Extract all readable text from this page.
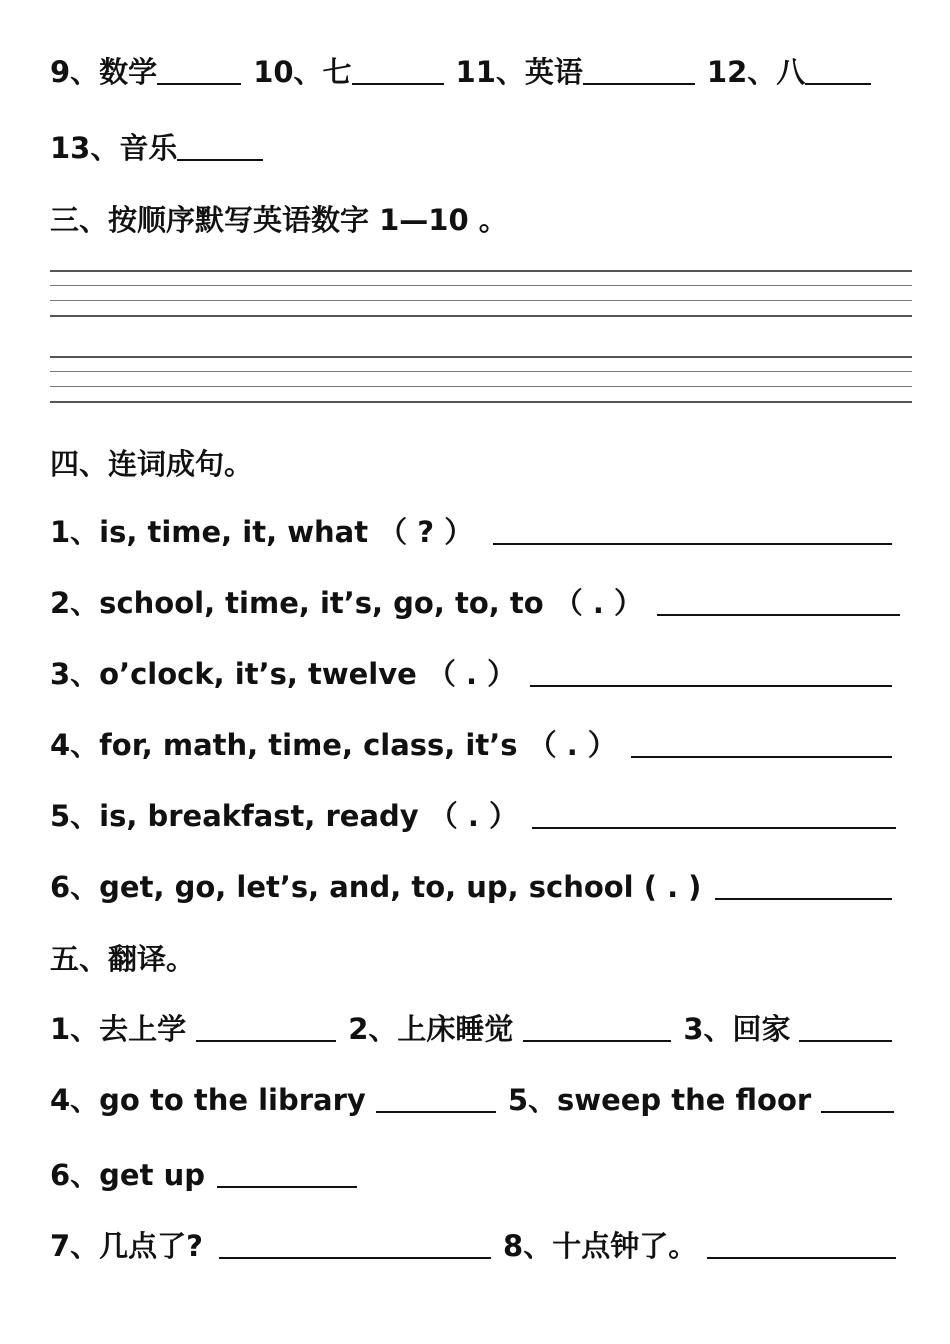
9、数学	10、七	11、英语	12、八
13、音乐
三、按顺序默写英语数字 1—10 。
四、连词成句。
1、is, time, it, what （ ? ）
2、school, time, it’s, go, to, to （ . ）
3、o’clock, it’s, twelve （ . ）
4、for, math, time, class, it’s （ . ）
5、is, breakfast, ready （ . ）
6、get, go, let’s, and, to, up, school ( . )
五、翻译。
1、去上学	2、上床睡觉	3、回家
4、go to the library	5、sweep the floor
6、get up
7、几点了?	8、十点钟了。
